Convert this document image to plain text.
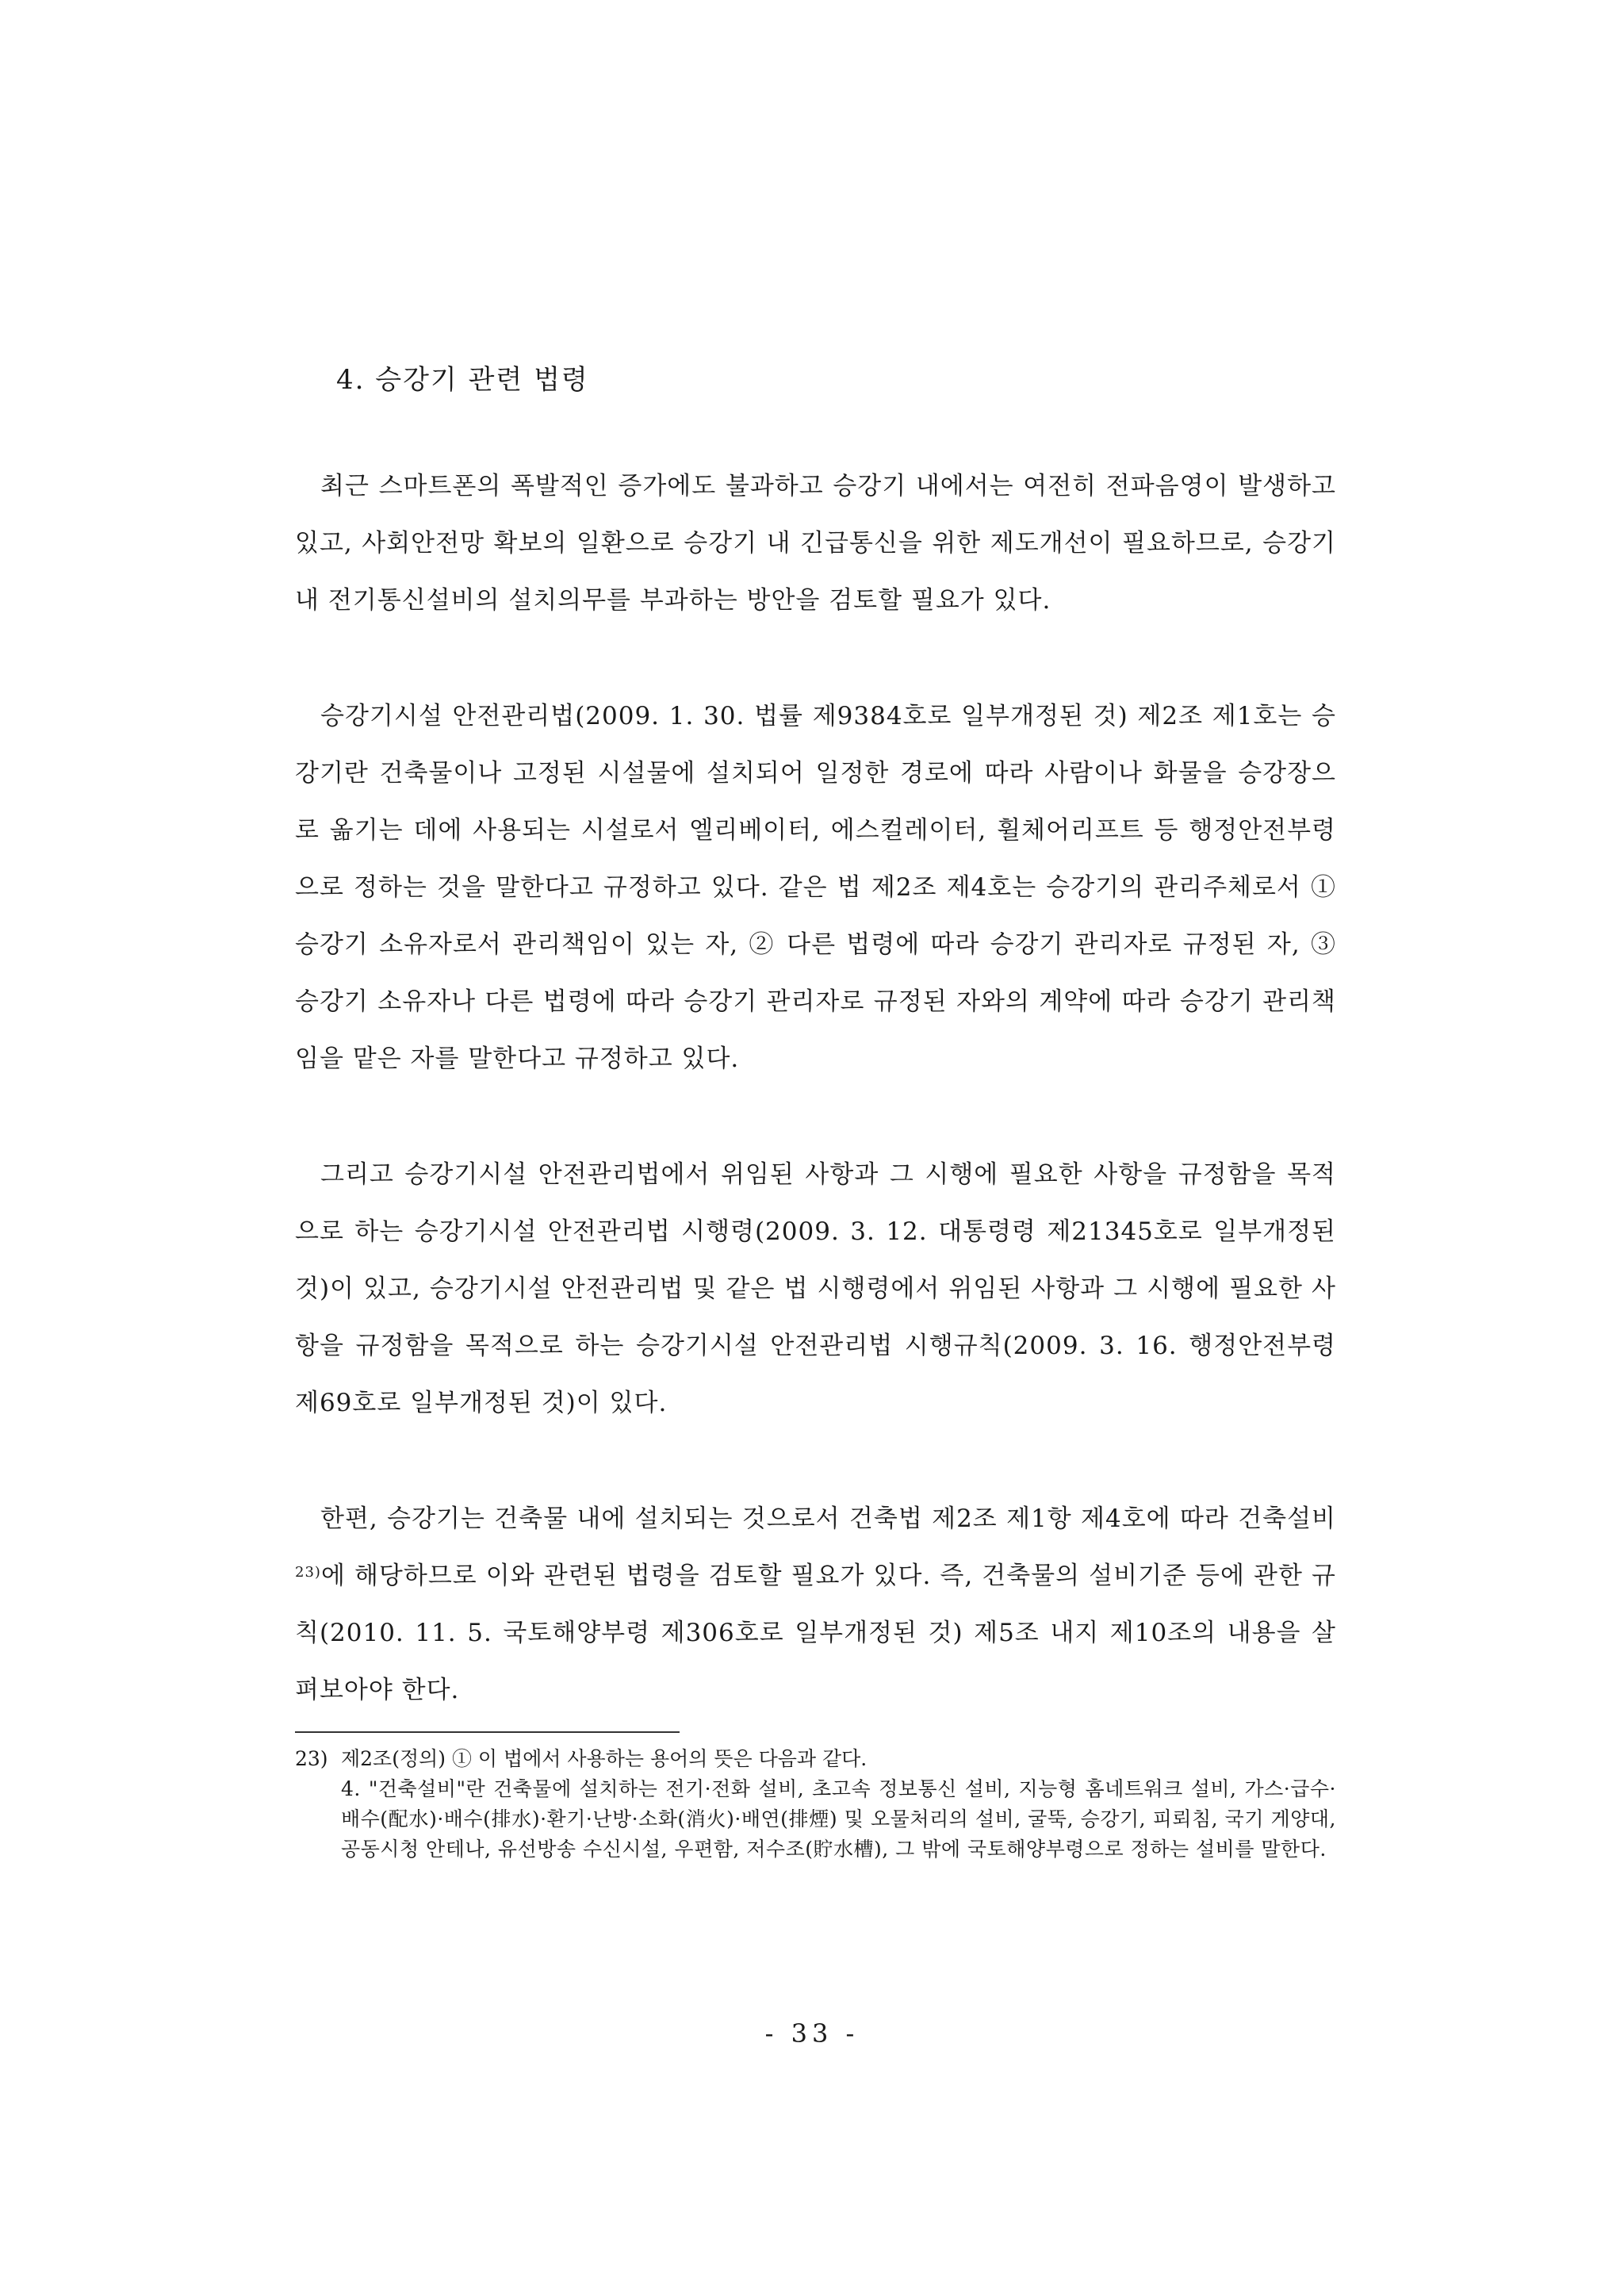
4. 승강기 관련 법령

최근 스마트폰의 폭발적인 증가에도 불과하고 승강기 내에서는 여전히 전파음영이 발생하고 있고, 사회안전망 확보의 일환으로 승강기 내 긴급통신을 위한 제도개선이 필요하므로, 승강기 내 전기통신설비의 설치의무를 부과하는 방안을 검토할 필요가 있다.

승강기시설 안전관리법(2009. 1. 30. 법률 제9384호로 일부개정된 것) 제2조 제1호는 승강기란 건축물이나 고정된 시설물에 설치되어 일정한 경로에 따라 사람이나 화물을 승강장으로 옮기는 데에 사용되는 시설로서 엘리베이터, 에스컬레이터, 휠체어리프트 등 행정안전부령으로 정하는 것을 말한다고 규정하고 있다. 같은 법 제2조 제4호는 승강기의 관리주체로서 ① 승강기 소유자로서 관리책임이 있는 자, ② 다른 법령에 따라 승강기 관리자로 규정된 자, ③ 승강기 소유자나 다른 법령에 따라 승강기 관리자로 규정된 자와의 계약에 따라 승강기 관리책임을 맡은 자를 말한다고 규정하고 있다.

그리고 승강기시설 안전관리법에서 위임된 사항과 그 시행에 필요한 사항을 규정함을 목적으로 하는 승강기시설 안전관리법 시행령(2009. 3. 12. 대통령령 제21345호로 일부개정된 것)이 있고, 승강기시설 안전관리법 및 같은 법 시행령에서 위임된 사항과 그 시행에 필요한 사항을 규정함을 목적으로 하는 승강기시설 안전관리법 시행규칙(2009. 3. 16. 행정안전부령 제69호로 일부개정된 것)이 있다.

한편, 승강기는 건축물 내에 설치되는 것으로서 건축법 제2조 제1항 제4호에 따라 건축설비$^{23)}$에 해당하므로 이와 관련된 법령을 검토할 필요가 있다. 즉, 건축물의 설비기준 등에 관한 규칙(2010. 11. 5. 국토해양부령 제306호로 일부개정된 것) 제5조 내지 제10조의 내용을 살펴보아야 한다.

23) 제2조(정의) ① 이 법에서 사용하는 용어의 뜻은 다음과 같다.
4. "건축설비"란 건축물에 설치하는 전기·전화 설비, 초고속 정보통신 설비, 지능형 홈네트워크 설비, 가스·급수·배수(配水)·배수(排水)·환기·난방·소화(消火)·배연(排煙) 및 오물처리의 설비, 굴뚝, 승강기, 피뢰침, 국기 게양대, 공동시청 안테나, 유선방송 수신시설, 우편함, 저수조(貯水槽), 그 밖에 국토해양부령으로 정하는 설비를 말한다.
- 33 -
